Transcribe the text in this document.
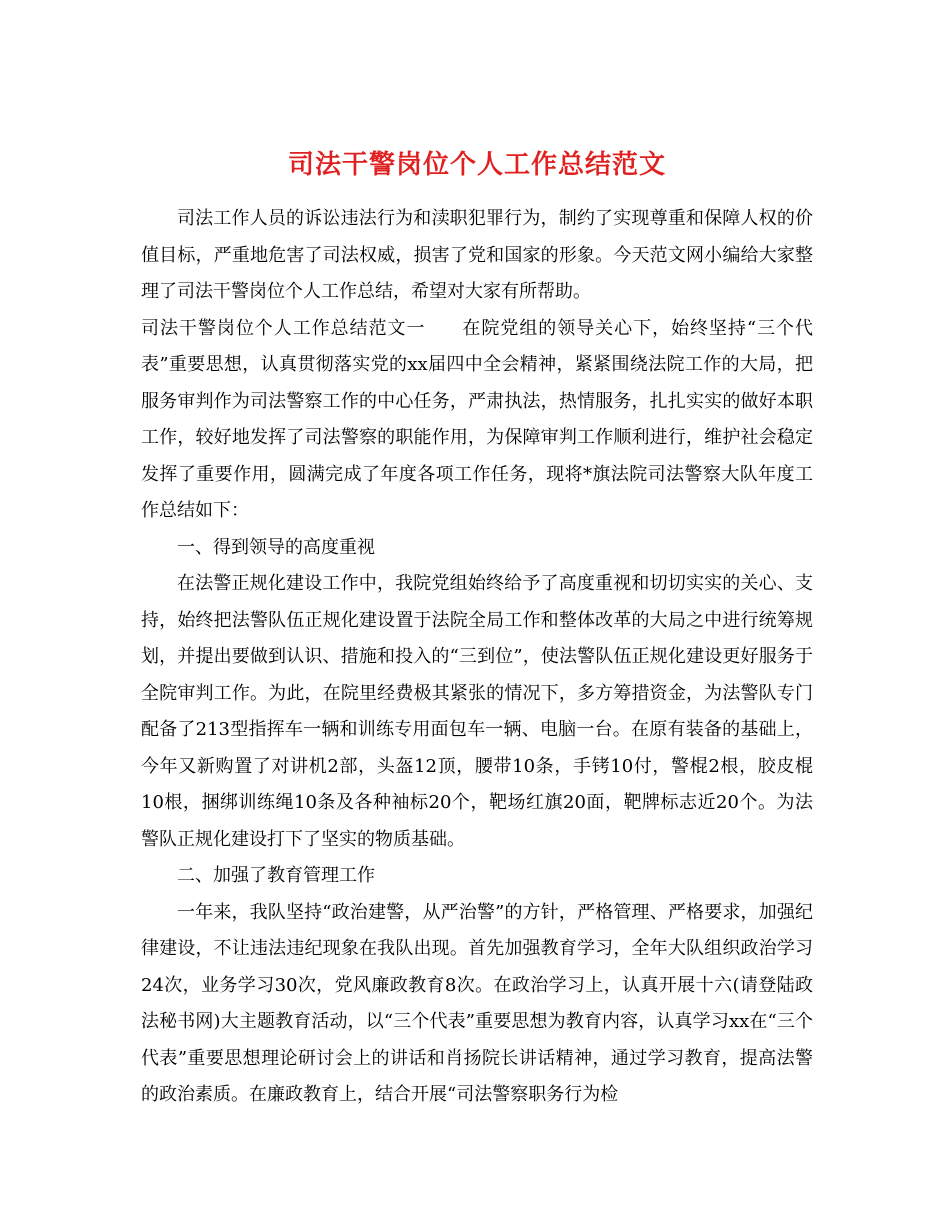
司法干警岗位个人工作总结范文

司法工作人员的诉讼违法行为和渎职犯罪行为，制约了实现尊重和保障人权的价值目标，严重地危害了司法权威，损害了党和国家的形象。今天范文网小编给大家整理了司法干警岗位个人工作总结，希望对大家有所帮助。

司法干警岗位个人工作总结范文一 在院党组的领导关心下，始终坚持“三个代表”重要思想，认真贯彻落实党的xx届四中全会精神，紧紧围绕法院工作的大局，把服务审判作为司法警察工作的中心任务，严肃执法，热情服务，扎扎实实的做好本职工作，较好地发挥了司法警察的职能作用，为保障审判工作顺利进行，维护社会稳定发挥了重要作用，圆满完成了年度各项工作任务，现将*旗法院司法警察大队年度工作总结如下：

一、得到领导的高度重视

在法警正规化建设工作中，我院党组始终给予了高度重视和切切实实的关心、支持，始终把法警队伍正规化建设置于法院全局工作和整体改革的大局之中进行统筹规划，并提出要做到认识、措施和投入的“三到位”，使法警队伍正规化建设更好服务于全院审判工作。为此，在院里经费极其紧张的情况下，多方筹措资金，为法警队专门配备了213型指挥车一辆和训练专用面包车一辆、电脑一台。在原有装备的基础上，今年又新购置了对讲机2部，头盔12顶，腰带10条，手铐10付，警棍2根，胶皮棍10根，捆绑训练绳10条及各种袖标20个，靶场红旗20面，靶牌标志近20个。为法警队正规化建设打下了坚实的物质基础。

二、加强了教育管理工作

一年来，我队坚持“政治建警，从严治警”的方针，严格管理、严格要求，加强纪律建设，不让违法违纪现象在我队出现。首先加强教育学习，全年大队组织政治学习24次，业务学习30次，党风廉政教育8次。在政治学习上，认真开展十六(请登陆政法秘书网)大主题教育活动，以“三个代表”重要思想为教育内容，认真学习xx在“三个代表”重要思想理论研讨会上的讲话和肖扬院长讲话精神，通过学习教育，提高法警的政治素质。在廉政教育上，结合开展“司法警察职务行为检
